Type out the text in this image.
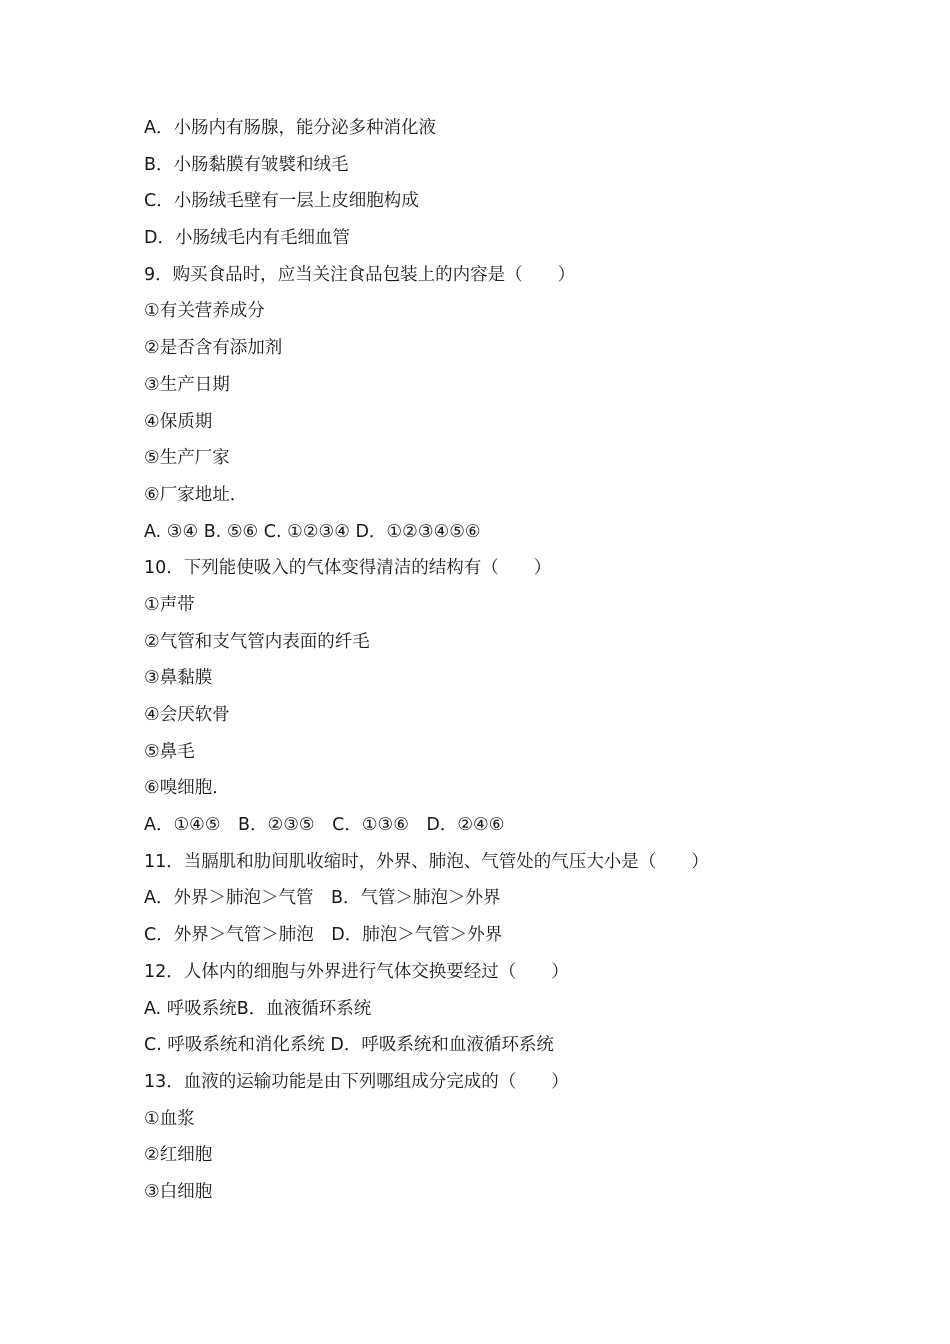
A．小肠内有肠腺，能分泌多种消化液
B．小肠黏膜有皱襞和绒毛
C．小肠绒毛壁有一层上皮细胞构成
D．小肠绒毛内有毛细血管
9．购买食品时，应当关注食品包装上的内容是（　　）
①有关营养成分
②是否含有添加剂
③生产日期
④保质期
⑤生产厂家
⑥厂家地址．
A. ③④ B. ⑤⑥ C. ①②③④ D．①②③④⑤⑥
10．下列能使吸入的气体变得清洁的结构有（　　）
①声带
②气管和支气管内表面的纤毛
③鼻黏膜
④会厌软骨
⑤鼻毛
⑥嗅细胞．
A．①④⑤　B．②③⑤　C．①③⑥　D．②④⑥
11．当膈肌和肋间肌收缩时，外界、肺泡、气管处的气压大小是（　　）
A．外界＞肺泡＞气管　B．气管＞肺泡＞外界
C．外界＞气管＞肺泡　D．肺泡＞气管＞外界
12．人体内的细胞与外界进行气体交换要经过（　　）
A. 呼吸系统B．血液循环系统
C. 呼吸系统和消化系统 D．呼吸系统和血液循环系统
13．血液的运输功能是由下列哪组成分完成的（　　）
①血浆
②红细胞
③白细胞
